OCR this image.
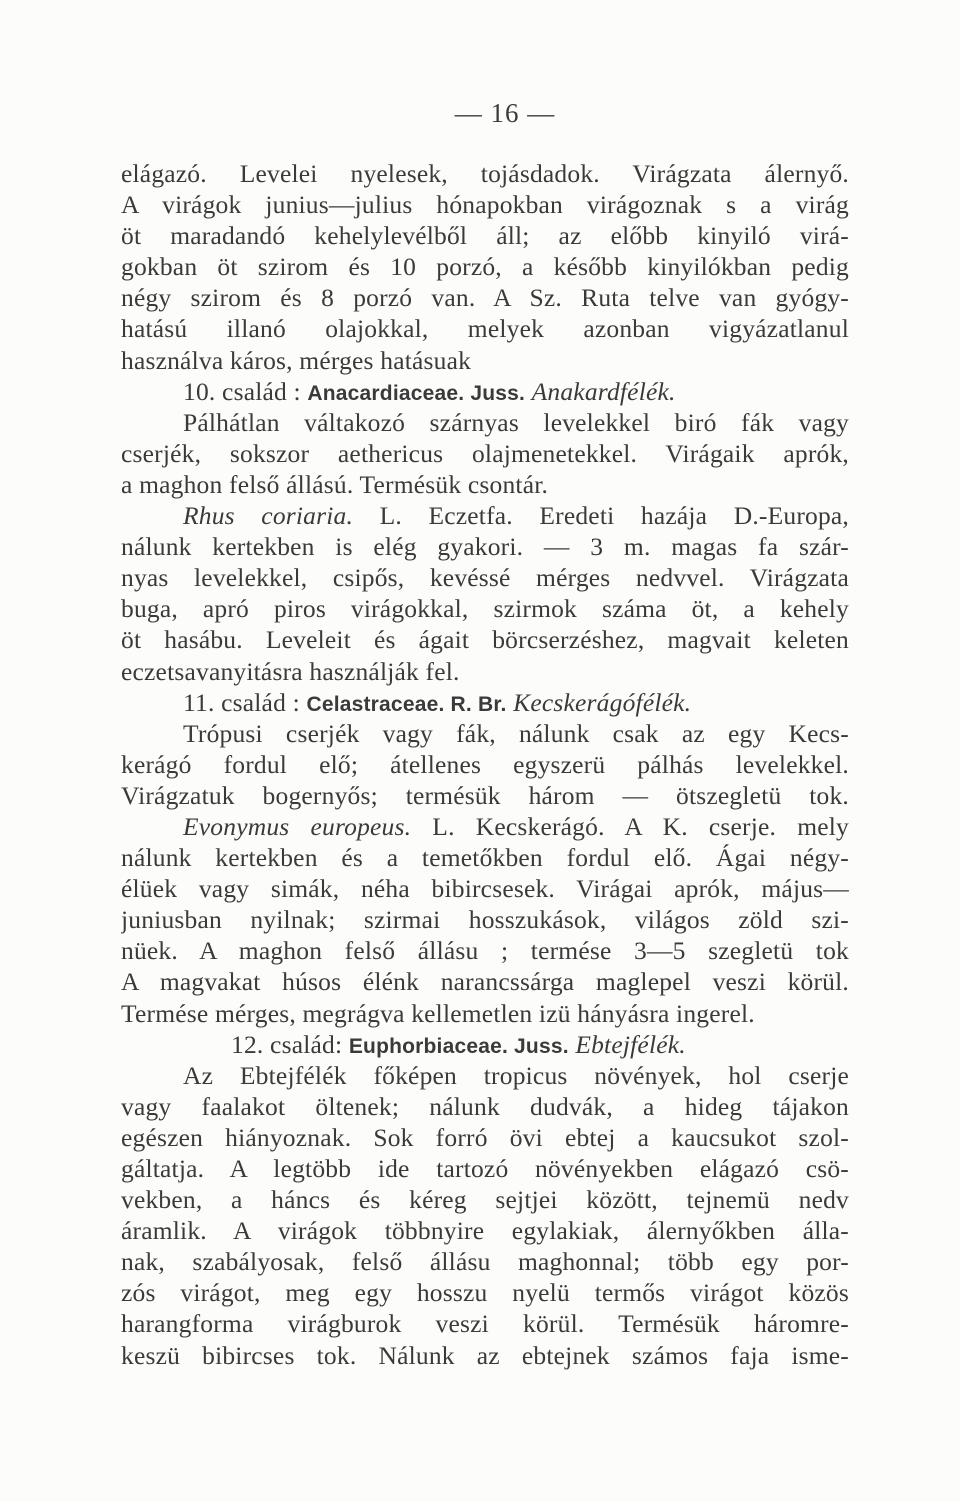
— 16 —
elágazó. Levelei nyelesek, tojásdadok. Virágzata álernyő.
A virágok junius—julius hónapokban virágoznak s a virág
öt maradandó kehelylevélből áll; az előbb kinyiló virá-
gokban öt szirom és 10 porzó, a később kinyilókban pedig
négy szirom és 8 porzó van. A Sz. Ruta telve van gyógy-
hatású illanó olajokkal, melyek azonban vigyázatlanul
használva káros, mérges hatásuak
10. család : Anacardiaceae. Juss. Anakardfélék.
Pálhátlan váltakozó szárnyas levelekkel biró fák vagy
cserjék, sokszor aethericus olajmenetekkel. Virágaik aprók,
a maghon felső állású. Termésük csontár.
Rhus coriaria. L. Eczetfa. Eredeti hazája D.-Europa,
nálunk kertekben is elég gyakori. — 3 m. magas fa szár-
nyas levelekkel, csipős, kevéssé mérges nedvvel. Virágzata
buga, apró piros virágokkal, szirmok száma öt, a kehely
öt hasábu. Leveleit és ágait börcserzéshez, magvait keleten
eczetsavanyitásra használják fel.
11. család : Celastraceae. R. Br. Kecskerágófélék.
Trópusi cserjék vagy fák, nálunk csak az egy Kecs-
kerágó fordul elő; átellenes egyszerü pálhás levelekkel.
Virágzatuk bogernyős; termésük három — ötszegletü tok.
Evonymus europeus. L. Kecskerágó. A K. cserje. mely
nálunk kertekben és a temetőkben fordul elő. Ágai négy-
élüek vagy simák, néha bibircsesek. Virágai aprók, május—
juniusban nyilnak; szirmai hosszukások, világos zöld szi-
nüek. A maghon felső állásu ; termése 3—5 szegletü tok
A magvakat húsos élénk narancssárga maglepel veszi körül.
Termése mérges, megrágva kellemetlen izü hányásra ingerel.
12. család: Euphorbiaceae. Juss. Ebtejfélék.
Az Ebtejfélék főképen tropicus növények, hol cserje
vagy faalakot öltenek; nálunk dudvák, a hideg tájakon
egészen hiányoznak. Sok forró övi ebtej a kaucsukot szol-
gáltatja. A legtöbb ide tartozó növényekben elágazó csö-
vekben, a háncs és kéreg sejtjei között, tejnemü nedv
áramlik. A virágok többnyire egylakiak, álernyőkben álla-
nak, szabályosak, felső állásu maghonnal; több egy por-
zós virágot, meg egy hosszu nyelü termős virágot közös
harangforma virágburok veszi körül. Termésük háromre-
keszü bibircses tok. Nálunk az ebtejnek számos faja isme-
